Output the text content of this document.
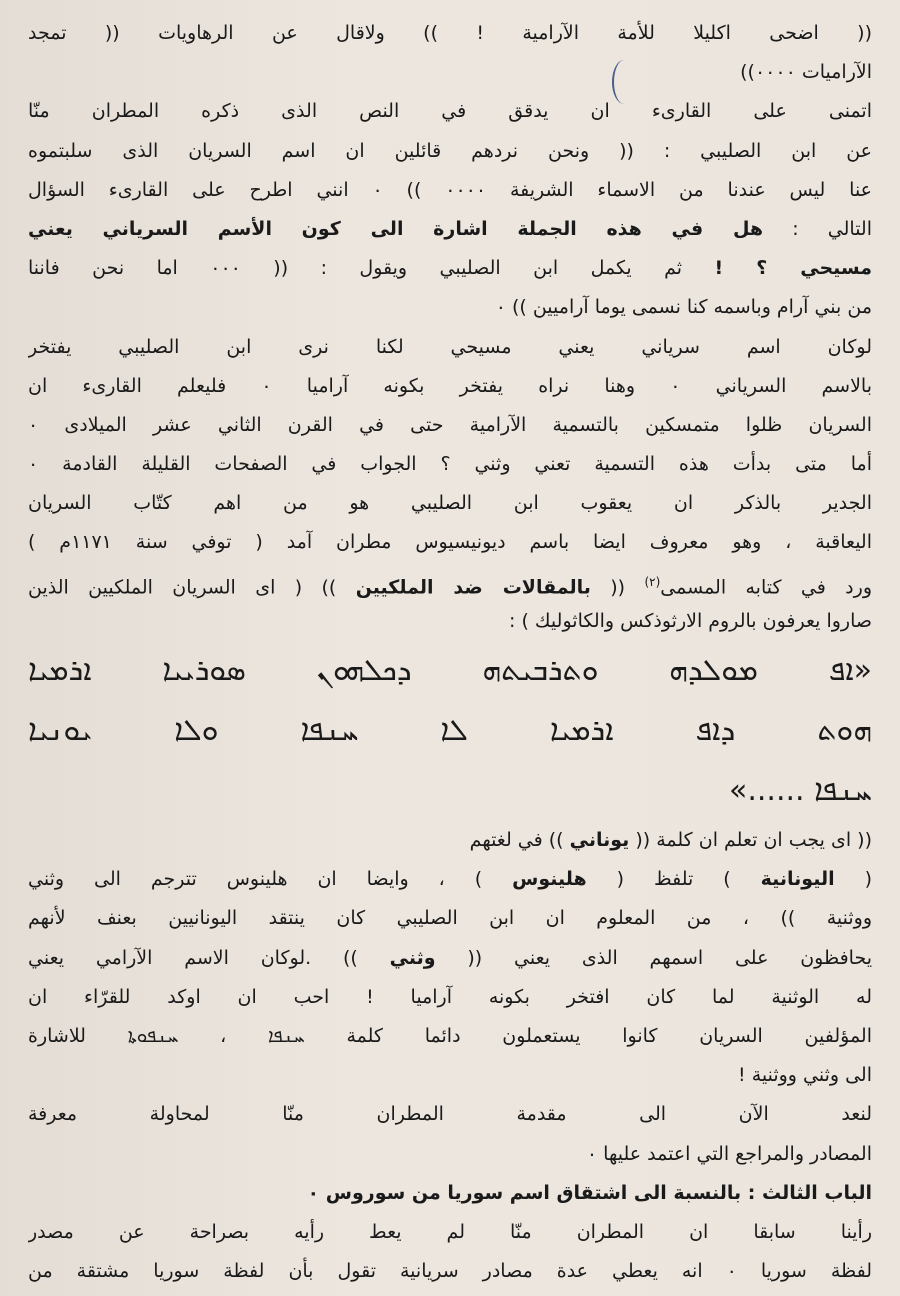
(( اضحى اكليلا للأمة الآرامية ! )) ولاقال عن الرهاويات (( تمجد
الآراميات ٠٠٠٠))
اتمنى على القارىء ان يدقق في النص الذى ذكره المطران منّا
عن ابن الصليبي : (( ونحن نردهم قائلين ان اسم السريان الذى سلبتموه
عنا ليس عندنا من الاسماء الشريفة ٠٠٠٠ )) ٠ انني اطرح على القارىء السؤال
التالي : هل في هذه الجملة اشارة الى كون الأسم السرياني يعني
مسيحي ؟ ! ثم يكمل ابن الصليبي ويقول : (( ٠٠٠ اما نحن فاننا
من بني آرام وباسمه كنا نسمى يوما آراميين )) ٠
لوكان اسم سرياني يعني مسيحي لكنا نرى ابن الصليبي يفتخر
بالاسم السرياني ٠ وهنا نراه يفتخر بكونه آراميا ٠ فليعلم القارىء ان
السريان ظلوا متمسكين بالتسمية الآرامية حتى في القرن الثاني عشر الميلادى ٠
أما متى بدأت هذه التسمية تعني وثني ؟ الجواب في الصفحات القليلة القادمة ٠
الجدير بالذكر ان يعقوب ابن الصليبي هو من اهم كتّاب السريان
اليعاقبة ، وهو معروف ايضا باسم ديونيسيوس مطران آمد ( توفي سنة ١١٧١م )
ورد في كتابه المسمى$^{(٢)}$ (( بالمقالات ضد الملكيين )) ( اى السريان الملكيين الذين
صاروا يعرفون بالروم الارثوذكس والكاثوليك ) :
«ܐܦ ܡܘܠܕܗ ܘܬܪܒܝܬܗ ܕܟܠܗܘܢ ܣܘܪܝܝܐ ܐܪܡܝܐ
ܗܘܬ ܕܐܦ ܐܪܡܝܐ ܠܐ ܚܢܦܐ ܘܠܐ ܝܘܢܝܐ
ܚܢܦܐ ......»
(( اى يجب ان تعلم ان كلمة (( يوناني )) في لغتهم
( اليونانية ) تلفظ ( هلينوس ) ، وايضا ان هلينوس تترجم الى وثني
ووثنية )) ، من المعلوم ان ابن الصليبي كان ينتقد اليونانيين بعنف لأنهم
يحافظون على اسمهم الذى يعني (( وثني )) .لوكان الاسم الآرامي يعني
له الوثنية لما كان افتخر بكونه آراميا ! احب ان اوكد للقرّاء ان
المؤلفين السريان كانوا يستعملون دائما كلمة ܚܢܦܐ ، ܚܢܦܘܬܐ للاشارة
الى وثني ووثنية !
لنعد الآن الى مقدمة المطران منّا لمحاولة معرفة
المصادر والمراجع التي اعتمد عليها ٠
الباب الثالث : بالنسبة الى اشتقاق اسم سوريا من سوروس ٠
رأينا سابقا ان المطران منّا لم يعط رأيه بصراحة عن مصدر
لفظة سوريا ٠ انه يعطي عدة مصادر سريانية تقول بأن لفظة سوريا مشتقة من
